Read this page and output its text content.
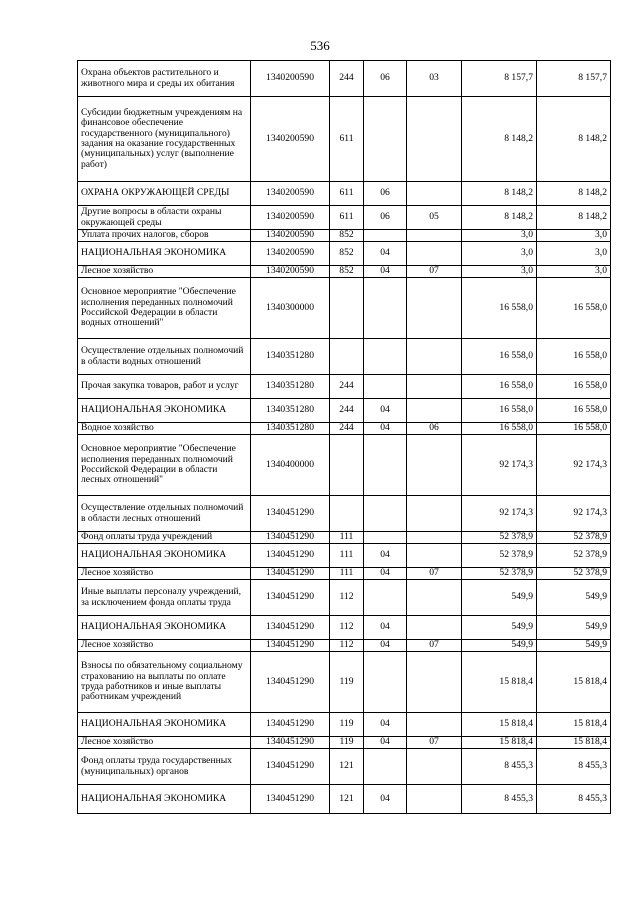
536
Охрана объектов растительного и животного мира и среды их обитания	1340200590	244	06	03	8 157,7	8 157,7
Субсидии бюджетным учреждениям на финансовое обеспечение государственного (муниципального) задания на оказание государственных (муниципальных) услуг (выполнение работ)	1340200590	611			8 148,2	8 148,2
ОХРАНА ОКРУЖАЮЩЕЙ СРЕДЫ	1340200590	611	06		8 148,2	8 148,2
Другие вопросы в области охраны окружающей среды	1340200590	611	06	05	8 148,2	8 148,2
Уплата прочих налогов, сборов	1340200590	852			3,0	3,0
НАЦИОНАЛЬНАЯ ЭКОНОМИКА	1340200590	852	04		3,0	3,0
Лесное хозяйство	1340200590	852	04	07	3,0	3,0
Основное мероприятие "Обеспечение исполнения переданных полномочий Российской Федерации в области водных отношений"	1340300000				16 558,0	16 558,0
Осуществление отдельных полномочий в области водных отношений	1340351280				16 558,0	16 558,0
Прочая закупка товаров, работ и услуг	1340351280	244			16 558,0	16 558,0
НАЦИОНАЛЬНАЯ ЭКОНОМИКА	1340351280	244	04		16 558,0	16 558,0
Водное хозяйство	1340351280	244	04	06	16 558,0	16 558,0
Основное мероприятие "Обеспечение исполнения переданных полномочий Российской Федерации в области лесных отношений"	1340400000				92 174,3	92 174,3
Осуществление отдельных полномочий в области лесных отношений	1340451290				92 174,3	92 174,3
Фонд оплаты труда учреждений	1340451290	111			52 378,9	52 378,9
НАЦИОНАЛЬНАЯ ЭКОНОМИКА	1340451290	111	04		52 378,9	52 378,9
Лесное хозяйство	1340451290	111	04	07	52 378,9	52 378,9
Иные выплаты персоналу учреждений, за исключением фонда оплаты труда	1340451290	112			549,9	549,9
НАЦИОНАЛЬНАЯ ЭКОНОМИКА	1340451290	112	04		549,9	549,9
Лесное хозяйство	1340451290	112	04	07	549,9	549,9
Взносы по обязательному социальному страхованию на выплаты по оплате труда работников и иные выплаты работникам учреждений	1340451290	119			15 818,4	15 818,4
НАЦИОНАЛЬНАЯ ЭКОНОМИКА	1340451290	119	04		15 818,4	15 818,4
Лесное хозяйство	1340451290	119	04	07	15 818,4	15 818,4
Фонд оплаты труда государственных (муниципальных) органов	1340451290	121			8 455,3	8 455,3
НАЦИОНАЛЬНАЯ ЭКОНОМИКА	1340451290	121	04		8 455,3	8 455,3
